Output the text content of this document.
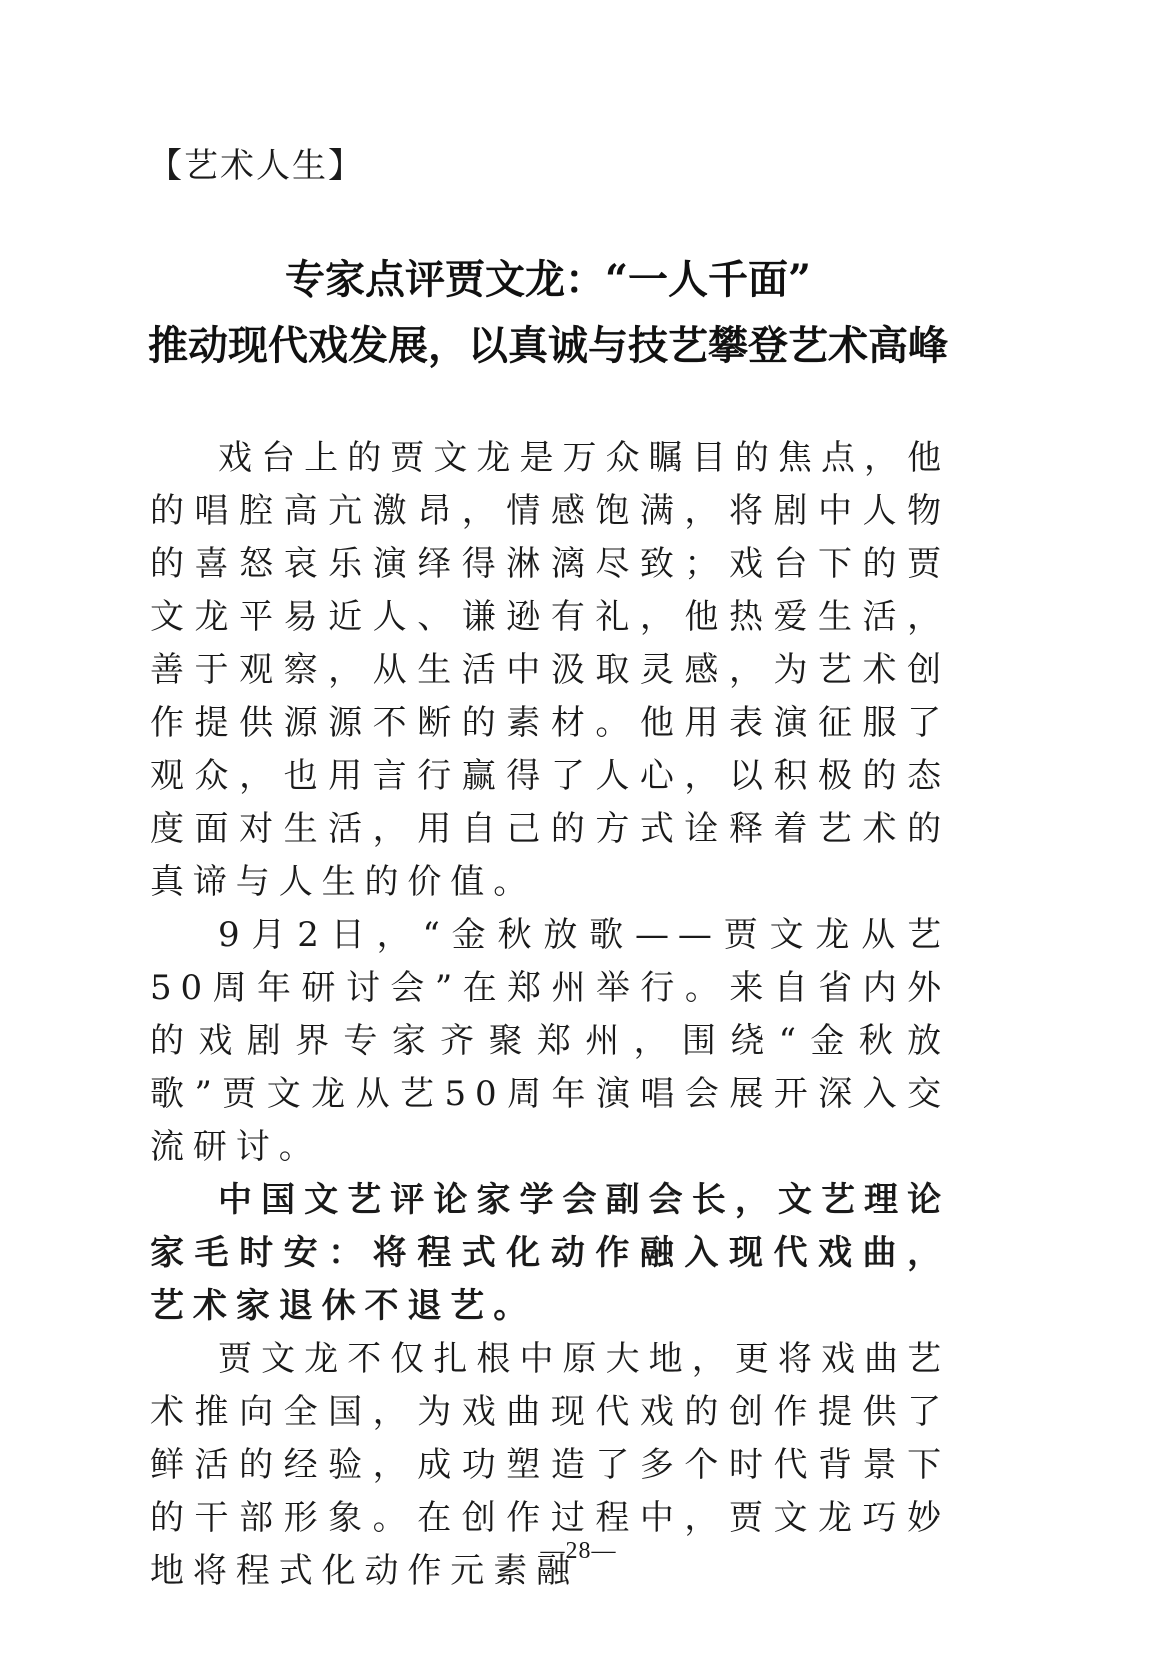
【艺术人生】
专家点评贾文龙：“一人千面”
推动现代戏发展，以真诚与技艺攀登艺术高峰

戏台上的贾文龙是万众瞩目的焦点，他的唱腔高亢激昂，情感饱满，将剧中人物的喜怒哀乐演绎得淋漓尽致；戏台下的贾文龙平易近人、谦逊有礼，他热爱生活，善于观察，从生活中汲取灵感，为艺术创作提供源源不断的素材。他用表演征服了观众，也用言行赢得了人心，以积极的态度面对生活，用自己的方式诠释着艺术的真谛与人生的价值。

9月2日，“金秋放歌——贾文龙从艺50周年研讨会”在郑州举行。来自省内外的戏剧界专家齐聚郑州，围绕“金秋放歌”贾文龙从艺50周年演唱会展开深入交流研讨。

中国文艺评论家学会副会长，文艺理论家毛时安：将程式化动作融入现代戏曲，艺术家退休不退艺。

贾文龙不仅扎根中原大地，更将戏曲艺术推向全国，为戏曲现代戏的创作提供了鲜活的经验，成功塑造了多个时代背景下的干部形象。在创作过程中，贾文龙巧妙地将程式化动作元素融

—28—
